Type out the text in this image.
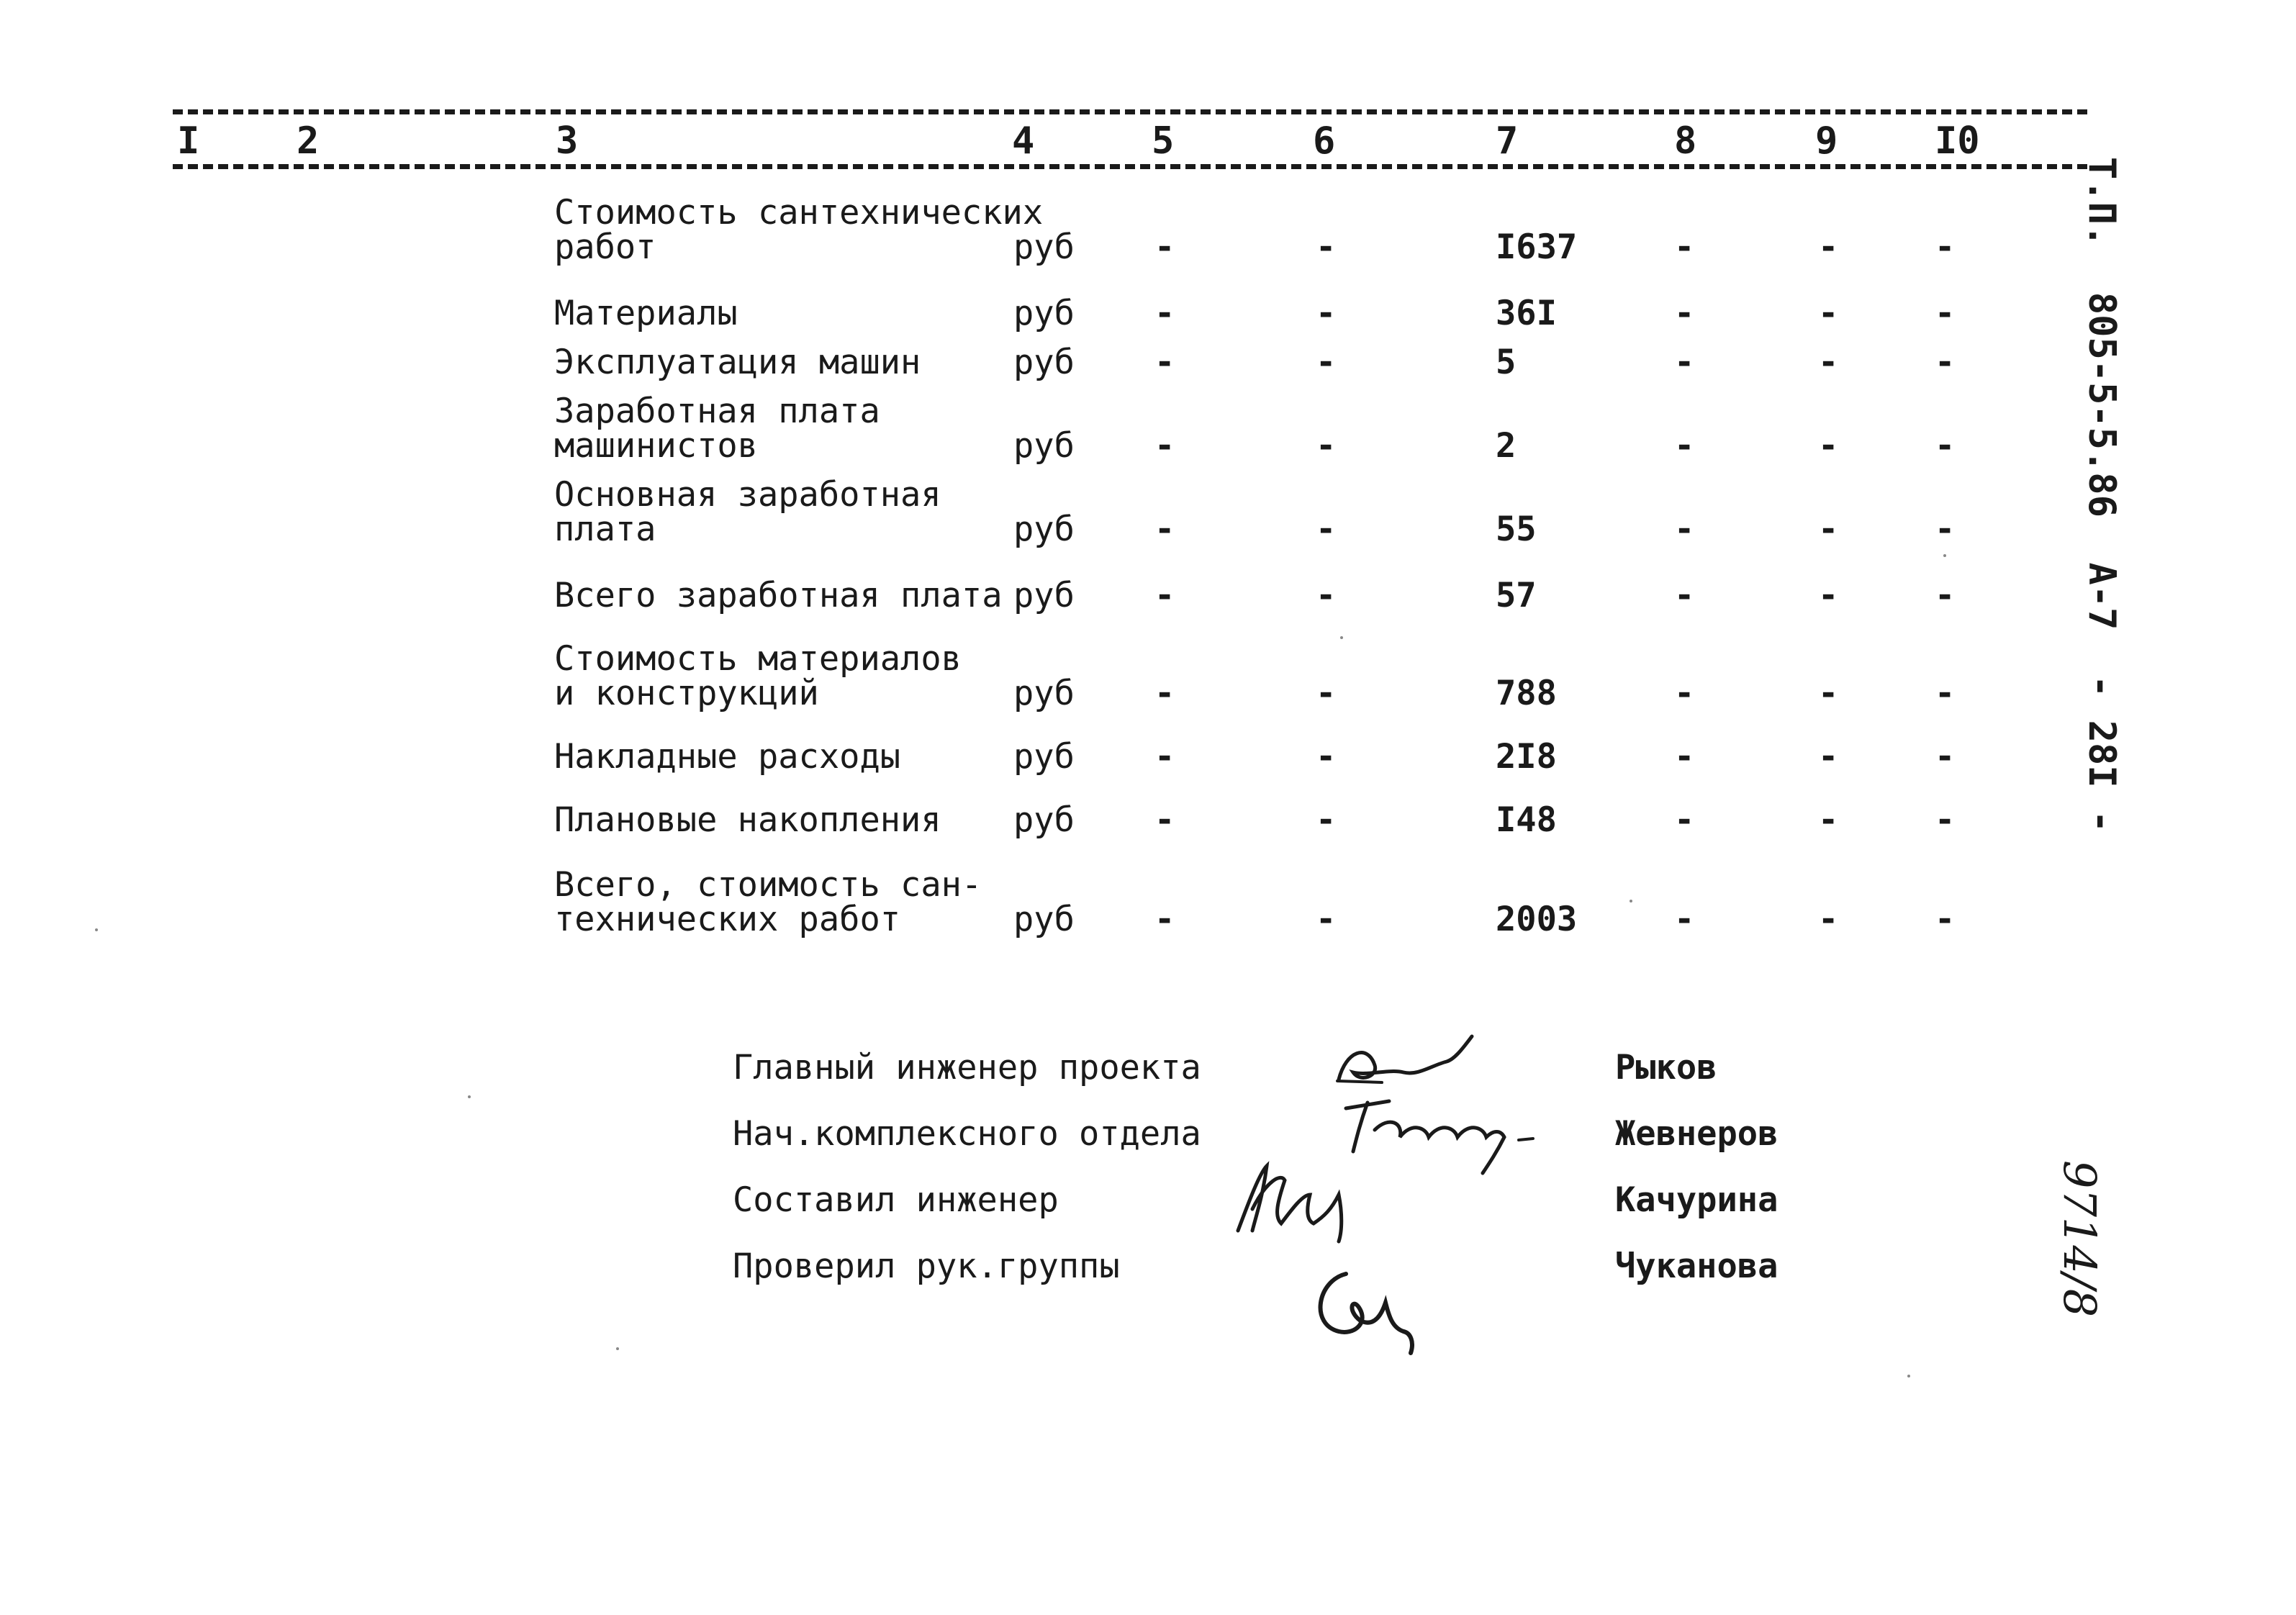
I	2	3	4	5	6	7	8	9	I0
Стоимость сантехнических
работ	руб -	-	I637	-	-	-
Материалы	руб -	-	36I	-	-	-
Эксплуатация машин	руб -	-	5	-	-	-
Заработная плата
машинистов	руб -	-	2	-	-	-
Основная заработная
плата	руб -	-	55	-	-	-
Всего заработная плата руб -	-	57	-	-	-
Стоимость материалов
и конструкций	руб -	-	788	-	-	-
Накладные расходы	руб -	-	2I8	-	-	-
Плановые накопления руб -	-	I48	-	-	-
Всего, стоимость сан-
технических работ	руб -	-	2003	-	-	-
Главный инженер проекта	Рыков
Нач.комплексного отдела	Жевнеров
Составил инженер	Качурина
Проверил рук.группы	Чуканова
Т.П.  805-5-5.86  А-7  - 28I -
9714/8
